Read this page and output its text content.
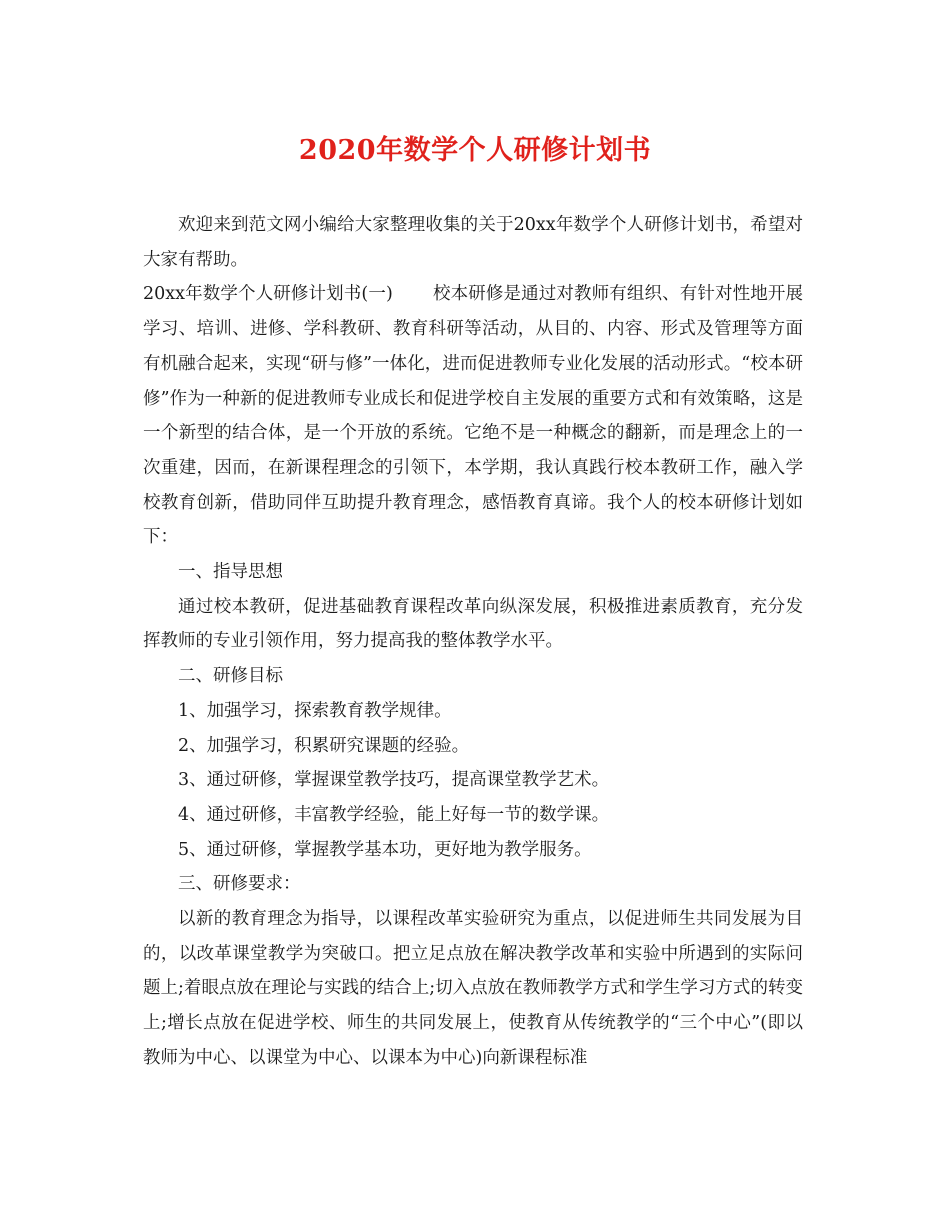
2020年数学个人研修计划书

欢迎来到范文网小编给大家整理收集的关于20xx年数学个人研修计划书，希望对大家有帮助。

20xx年数学个人研修计划书(一) 校本研修是通过对教师有组织、有针对性地开展学习、培训、进修、学科教研、教育科研等活动，从目的、内容、形式及管理等方面有机融合起来，实现“研与修”一体化，进而促进教师专业化发展的活动形式。“校本研修”作为一种新的促进教师专业成长和促进学校自主发展的重要方式和有效策略，这是一个新型的结合体，是一个开放的系统。它绝不是一种概念的翻新，而是理念上的一次重建，因而，在新课程理念的引领下，本学期，我认真践行校本教研工作，融入学校教育创新，借助同伴互助提升教育理念，感悟教育真谛。我个人的校本研修计划如下：

一、指导思想

通过校本教研，促进基础教育课程改革向纵深发展，积极推进素质教育，充分发挥教师的专业引领作用，努力提高我的整体教学水平。

二、研修目标

1、加强学习，探索教育教学规律。

2、加强学习，积累研究课题的经验。

3、通过研修，掌握课堂教学技巧，提高课堂教学艺术。

4、通过研修，丰富教学经验，能上好每一节的数学课。

5、通过研修，掌握教学基本功，更好地为教学服务。

三、研修要求：

以新的教育理念为指导，以课程改革实验研究为重点，以促进师生共同发展为目的，以改革课堂教学为突破口。把立足点放在解决教学改革和实验中所遇到的实际问题上;着眼点放在理论与实践的结合上;切入点放在教师教学方式和学生学习方式的转变上;增长点放在促进学校、师生的共同发展上，使教育从传统教学的“三个中心”(即以教师为中心、以课堂为中心、以课本为中心)向新课程标准
